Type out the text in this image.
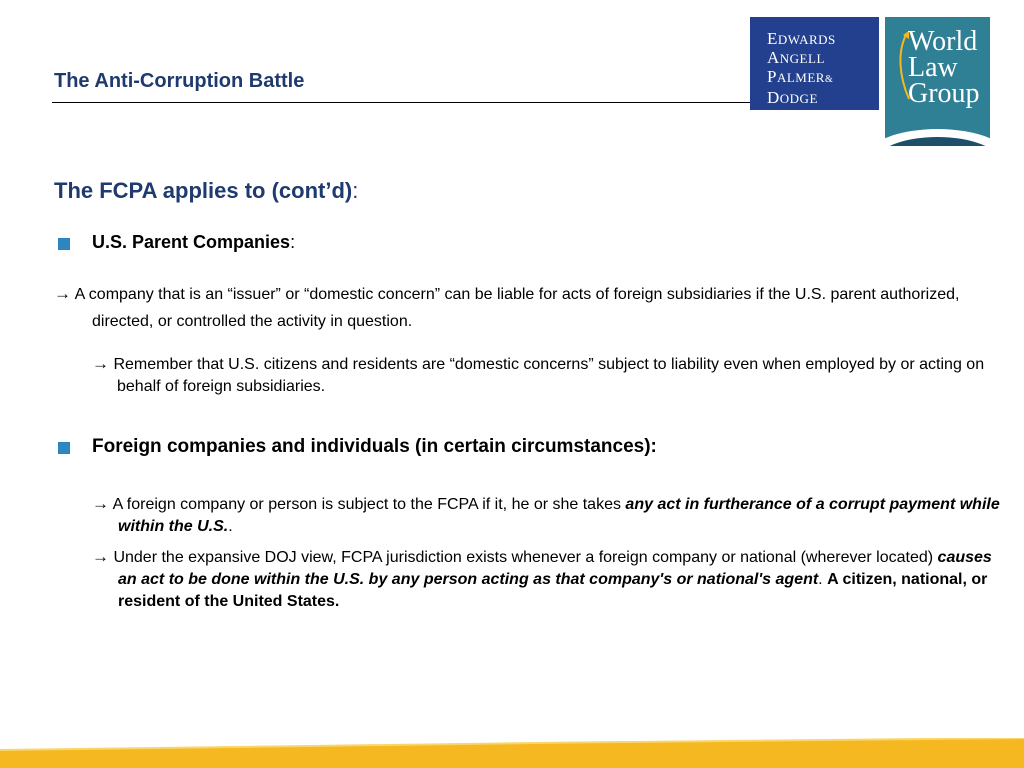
The Anti-Corruption Battle
EDWARDS
ANGELL
PALMER&
DODGE
World
Law
Group
The FCPA applies to (cont’d):
U.S. Parent Companies:
→ A company that is an “issuer” or “domestic concern” can be liable for acts of foreign subsidiaries if the U.S. parent authorized, directed, or controlled the activity in question.
→ Remember that U.S. citizens and residents are “domestic concerns” subject to liability even when employed by or acting on behalf of foreign subsidiaries.
Foreign companies and individuals (in certain circumstances):
→ A foreign company or person is subject to the FCPA if it, he or she takes any act in furtherance of a corrupt payment while within the U.S..
→ Under the expansive DOJ view, FCPA jurisdiction exists whenever a foreign company or national (wherever located) causes an act to be done within the U.S. by any person acting as that company's or national's agent. A citizen, national, or resident of the United States.
